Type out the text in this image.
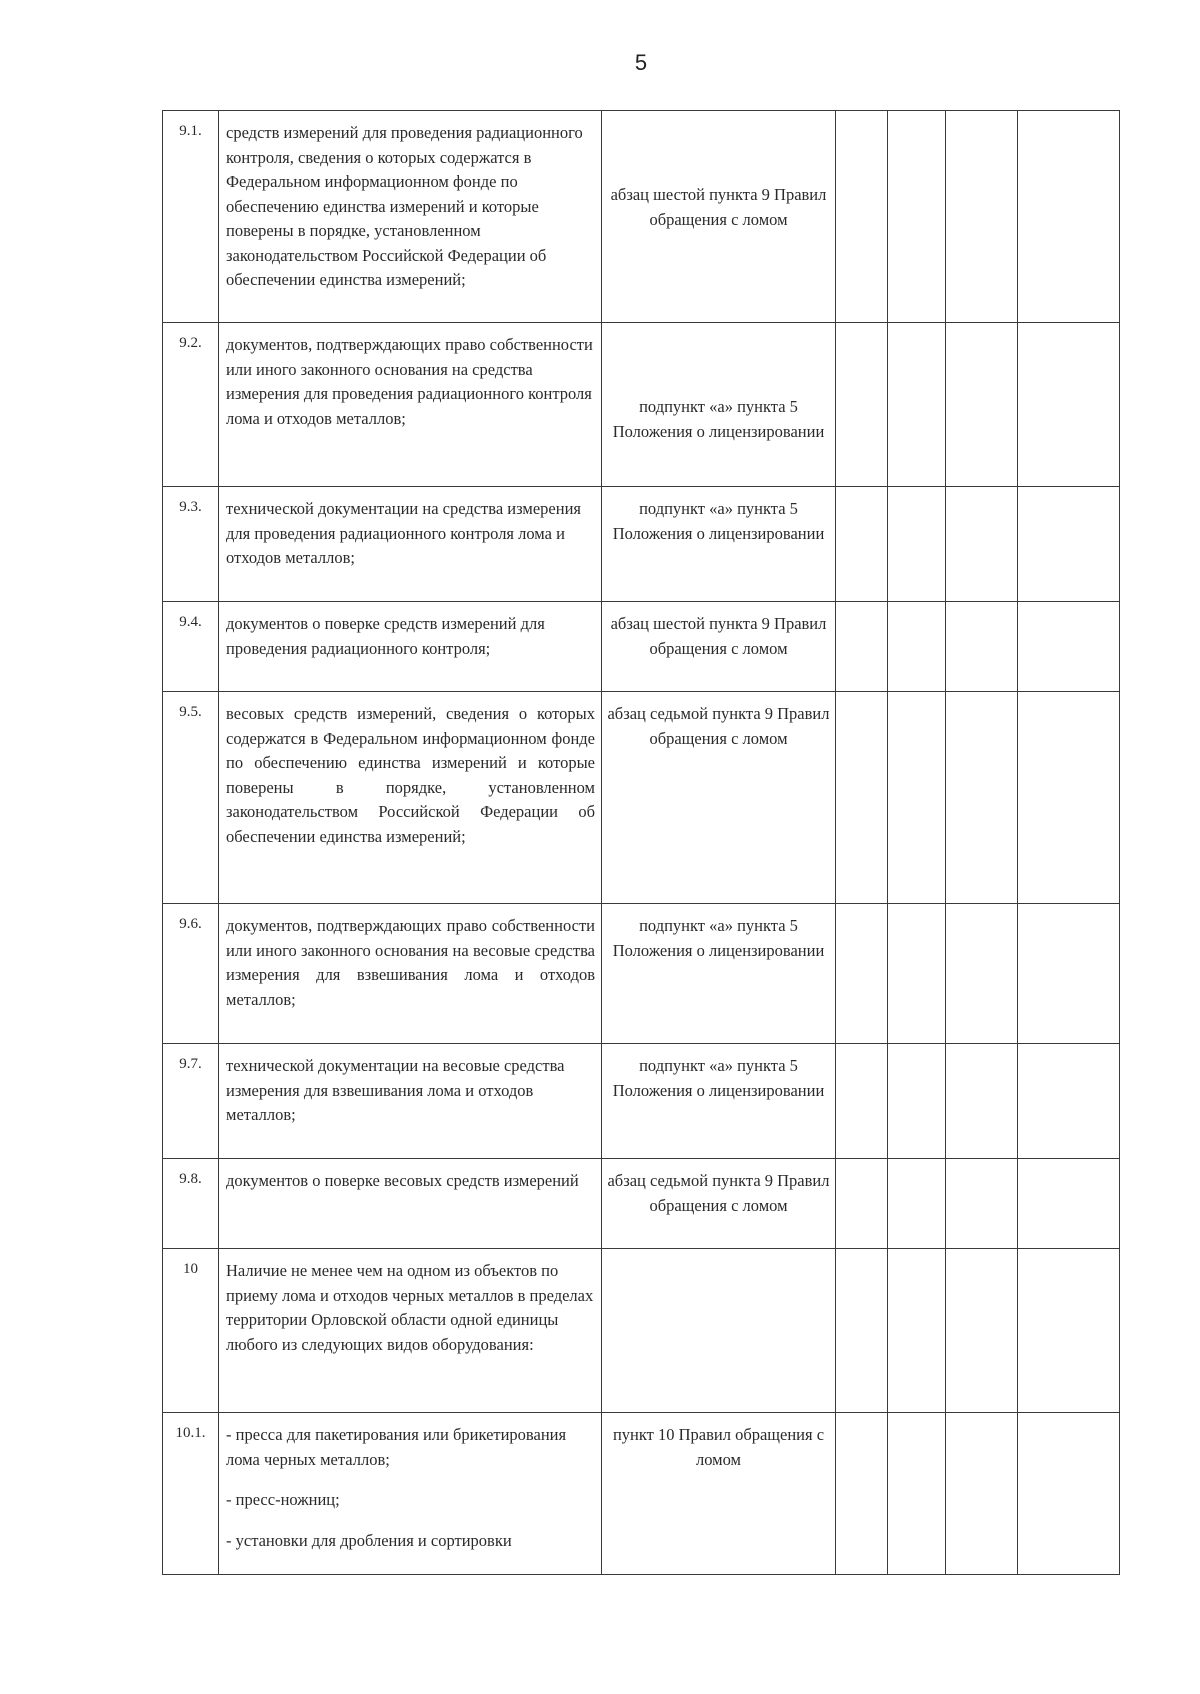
5
9.1.	средств измерений для проведения радиационного контроля, сведения о которых содержатся в Федеральном информационном фонде по обеспечению единства измерений и которые поверены в порядке, установленном законодательством Российской Федерации об обеспечении единства измерений;	абзац шестой пункта 9 Правил обращения с ломом				
9.2.	документов, подтверждающих право собственности или иного законного основания на средства измерения для проведения радиационного контроля лома и отходов металлов;	подпункт «а» пункта 5 Положения о лицензировании				
9.3.	технической документации на средства измерения для проведения радиационного контроля лома и отходов металлов;	подпункт «а» пункта 5 Положения о лицензировании				
9.4.	документов о поверке средств измерений для проведения радиационного контроля;	абзац шестой пункта 9 Правил обращения с ломом				
9.5.	весовых средств измерений, сведения о которых содержатся в Федеральном информационном фонде по обеспечению единства измерений и которые поверены в порядке, установленном законодательством Российской Федерации об обеспечении единства измерений;	абзац седьмой пункта 9 Правил обращения с ломом				
9.6.	документов, подтверждающих право собственности или иного законного основания на весовые средства измерения для взвешивания лома и отходов металлов;	подпункт «а» пункта 5 Положения о лицензировании				
9.7.	технической документации на весовые средства измерения для взвешивания лома и отходов металлов;	подпункт «а» пункта 5 Положения о лицензировании				
9.8.	документов о поверке весовых средств измерений	абзац седьмой пункта 9 Правил обращения с ломом				
10	Наличие не менее чем на одном из объектов по приему лома и отходов черных металлов в пределах территории Орловской области одной единицы любого из следующих видов оборудования:					
10.1.	- пресса для пакетирования или брикетирования лома черных металлов;

- пресс-ножниц;

- установки для дробления и сортировки	пункт 10 Правил обращения с ломом				
